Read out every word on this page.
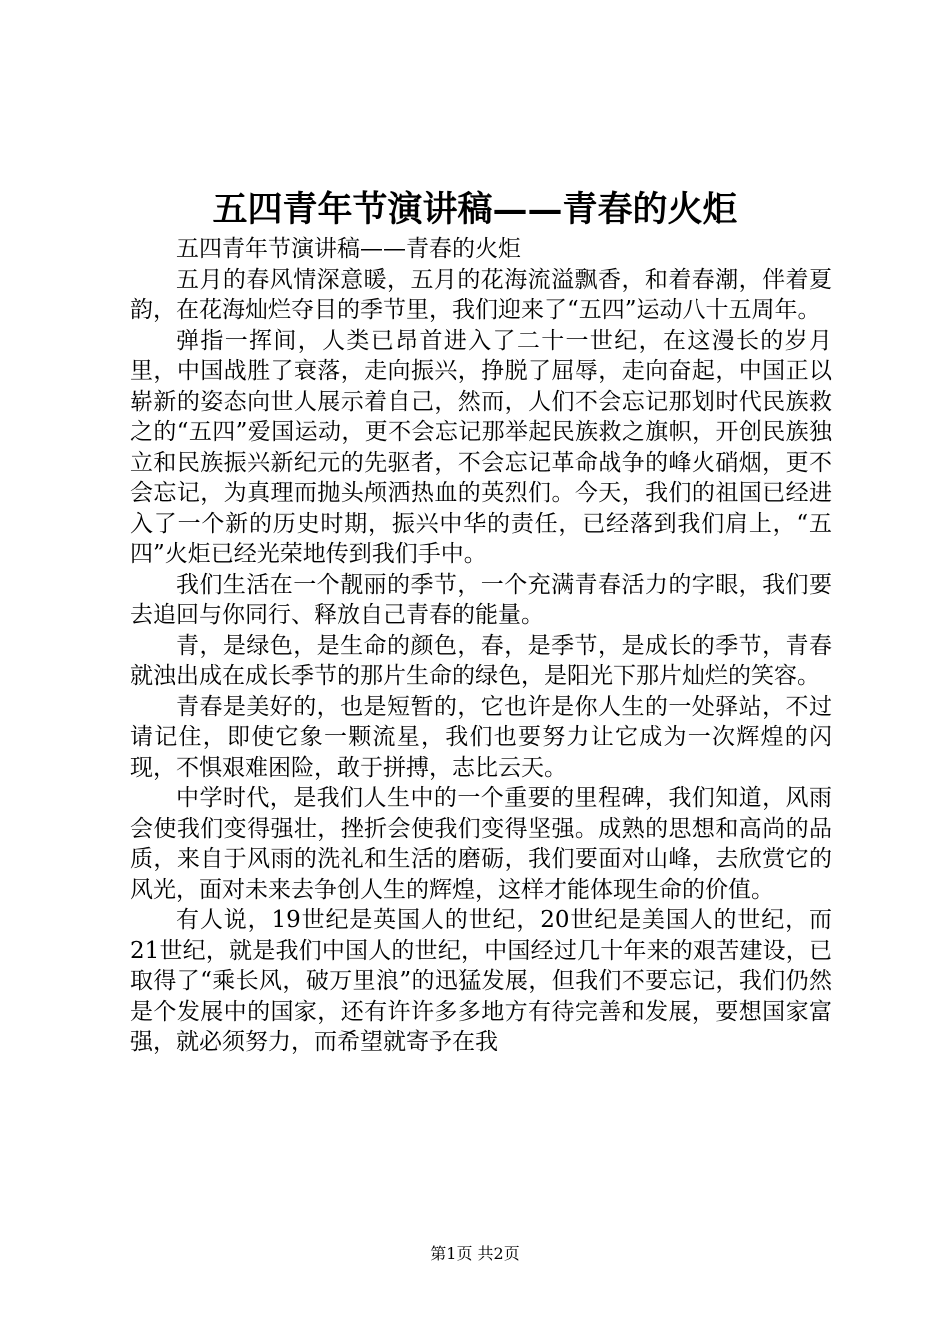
五四青年节演讲稿——青春的火炬

五四青年节演讲稿——青春的火炬

五月的春风情深意暖，五月的花海流溢飘香，和着春潮，伴着夏韵，在花海灿烂夺目的季节里，我们迎来了“五四”运动八十五周年。

弹指一挥间，人类已昂首进入了二十一世纪，在这漫长的岁月里，中国战胜了衰落，走向振兴，挣脱了屈辱，走向奋起，中国正以崭新的姿态向世人展示着自己，然而，人们不会忘记那划时代民族救之的“五四”爱国运动，更不会忘记那举起民族救之旗帜，开创民族独立和民族振兴新纪元的先驱者，不会忘记革命战争的峰火硝烟，更不会忘记，为真理而抛头颅洒热血的英烈们。今天，我们的祖国已经进入了一个新的历史时期，振兴中华的责任，已经落到我们肩上，“五四”火炬已经光荣地传到我们手中。

我们生活在一个靓丽的季节，一个充满青春活力的字眼，我们要去追回与你同行、释放自己青春的能量。

青，是绿色，是生命的颜色，春，是季节，是成长的季节，青春就浊出成在成长季节的那片生命的绿色，是阳光下那片灿烂的笑容。

青春是美好的，也是短暂的，它也许是你人生的一处驿站，不过请记住，即使它象一颗流星，我们也要努力让它成为一次辉煌的闪现，不惧艰难困险，敢于拼搏，志比云天。

中学时代，是我们人生中的一个重要的里程碑，我们知道，风雨会使我们变得强壮，挫折会使我们变得坚强。成熟的思想和高尚的品质，来自于风雨的洗礼和生活的磨砺，我们要面对山峰，去欣赏它的风光，面对未来去争创人生的辉煌，这样才能体现生命的价值。

有人说，19世纪是英国人的世纪，20世纪是美国人的世纪，而21世纪，就是我们中国人的世纪，中国经过几十年来的艰苦建设，已取得了“乘长风，破万里浪”的迅猛发展，但我们不要忘记，我们仍然是个发展中的国家，还有许许多多地方有待完善和发展，要想国家富强，就必须努力，而希望就寄予在我

第1页 共2页
